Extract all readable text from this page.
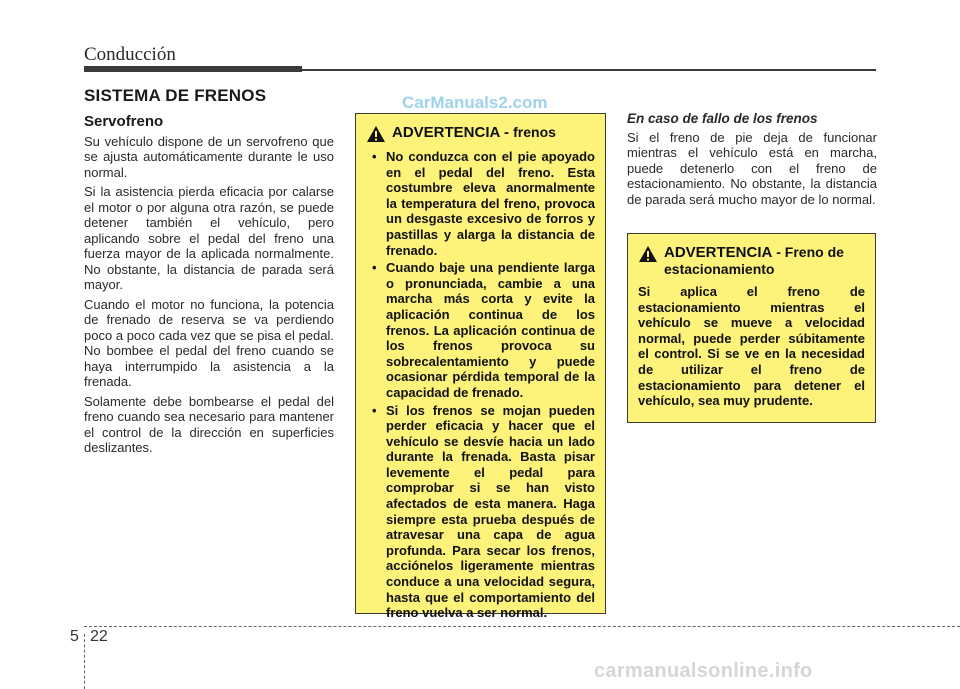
Conducción
SISTEMA DE FRENOS	CarManuals2.com
Servofreno

Su vehículo dispone de un servofreno que se ajusta automáticamente durante le uso normal.

Si la asistencia pierda eficacia por calarse el motor o por alguna otra razón, se puede detener también el vehículo, pero aplicando sobre el pedal del freno una fuerza mayor de la aplicada normalmente. No obstante, la distancia de parada será mayor.

Cuando el motor no funciona, la potencia de frenado de reserva se va perdiendo poco a poco cada vez que se pisa el pedal. No bombee el pedal del freno cuando se haya interrumpido la asistencia a la frenada.

Solamente debe bombearse el pedal del freno cuando sea necesario para mantener el control de la dirección en superficies deslizantes.

ADVERTENCIA - frenos
• No conduzca con el pie apoyado en el pedal del freno. Esta costumbre eleva anormalmente la temperatura del freno, provoca un desgaste excesivo de forros y pastillas y alarga la distancia de frenado.
• Cuando baje una pendiente larga o pronunciada, cambie a una marcha más corta y evite la aplicación continua de los frenos. La aplicación continua de los frenos provoca su sobrecalentamiento y puede ocasionar pérdida temporal de la capacidad de frenado.
• Si los frenos se mojan pueden perder eficacia y hacer que el vehículo se desvíe hacia un lado durante la frenada. Basta pisar levemente el pedal para comprobar si se han visto afectados de esta manera. Haga siempre esta prueba después de atravesar una capa de agua profunda. Para secar los frenos, acciónelos ligeramente mientras conduce a una velocidad segura, hasta que el comportamiento del freno vuelva a ser normal.
En caso de fallo de los frenos

Si el freno de pie deja de funcionar mientras el vehículo está en marcha, puede detenerlo con el freno de estacionamiento. No obstante, la distancia de parada será mucho mayor de lo normal.

ADVERTENCIA - Freno de estacionamiento

Si aplica el freno de estacionamiento mientras el vehículo se mueve a velocidad normal, puede perder súbitamente el control. Si se ve en la necesidad de utilizar el freno de estacionamiento para detener el vehículo, sea muy prudente.

5 22
carmanualsonline.info
